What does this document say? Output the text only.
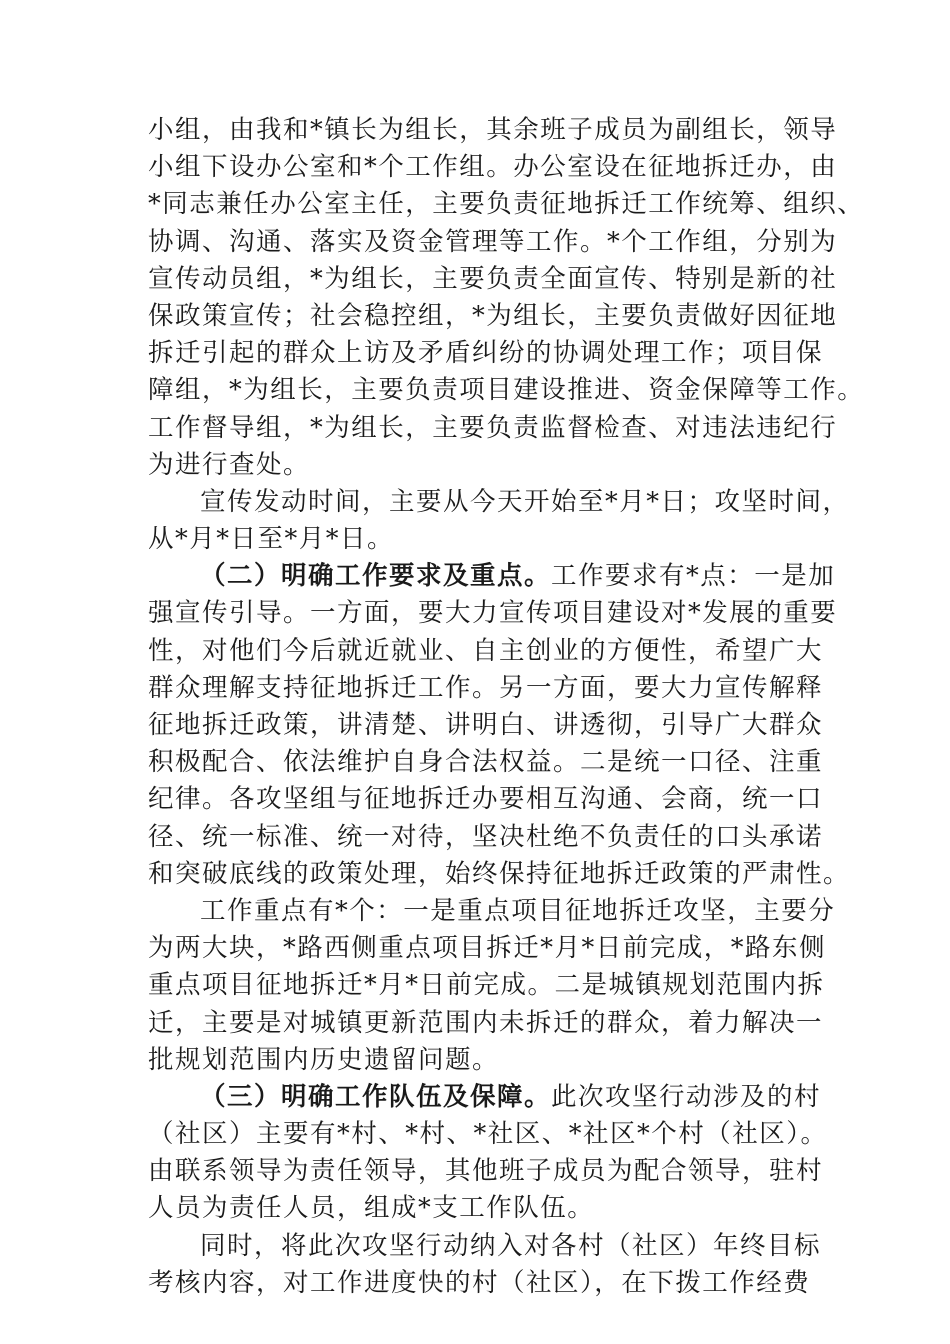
小组，由我和*镇长为组长，其余班子成员为副组长，领导
小组下设办公室和*个工作组。办公室设在征地拆迁办，由
*同志兼任办公室主任，主要负责征地拆迁工作统筹、组织、
协调、沟通、落实及资金管理等工作。*个工作组，分别为
宣传动员组，*为组长，主要负责全面宣传、特别是新的社
保政策宣传；社会稳控组，*为组长，主要负责做好因征地
拆迁引起的群众上访及矛盾纠纷的协调处理工作；项目保
障组，*为组长，主要负责项目建设推进、资金保障等工作。
工作督导组，*为组长，主要负责监督检查、对违法违纪行
为进行查处。
宣传发动时间，主要从今天开始至*月*日；攻坚时间，
从*月*日至*月*日。
（二）明确工作要求及重点。工作要求有*点：一是加
强宣传引导。一方面，要大力宣传项目建设对*发展的重要
性，对他们今后就近就业、自主创业的方便性，希望广大
群众理解支持征地拆迁工作。另一方面，要大力宣传解释
征地拆迁政策，讲清楚、讲明白、讲透彻，引导广大群众
积极配合、依法维护自身合法权益。二是统一口径、注重
纪律。各攻坚组与征地拆迁办要相互沟通、会商，统一口
径、统一标准、统一对待，坚决杜绝不负责任的口头承诺
和突破底线的政策处理，始终保持征地拆迁政策的严肃性。
工作重点有*个：一是重点项目征地拆迁攻坚，主要分
为两大块，*路西侧重点项目拆迁*月*日前完成，*路东侧
重点项目征地拆迁*月*日前完成。二是城镇规划范围内拆
迁，主要是对城镇更新范围内未拆迁的群众，着力解决一
批规划范围内历史遗留问题。
（三）明确工作队伍及保障。此次攻坚行动涉及的村
（社区）主要有*村、*村、*社区、*社区*个村（社区）。
由联系领导为责任领导，其他班子成员为配合领导，驻村
人员为责任人员，组成*支工作队伍。
同时，将此次攻坚行动纳入对各村（社区）年终目标
考核内容，对工作进度快的村（社区），在下拨工作经费
